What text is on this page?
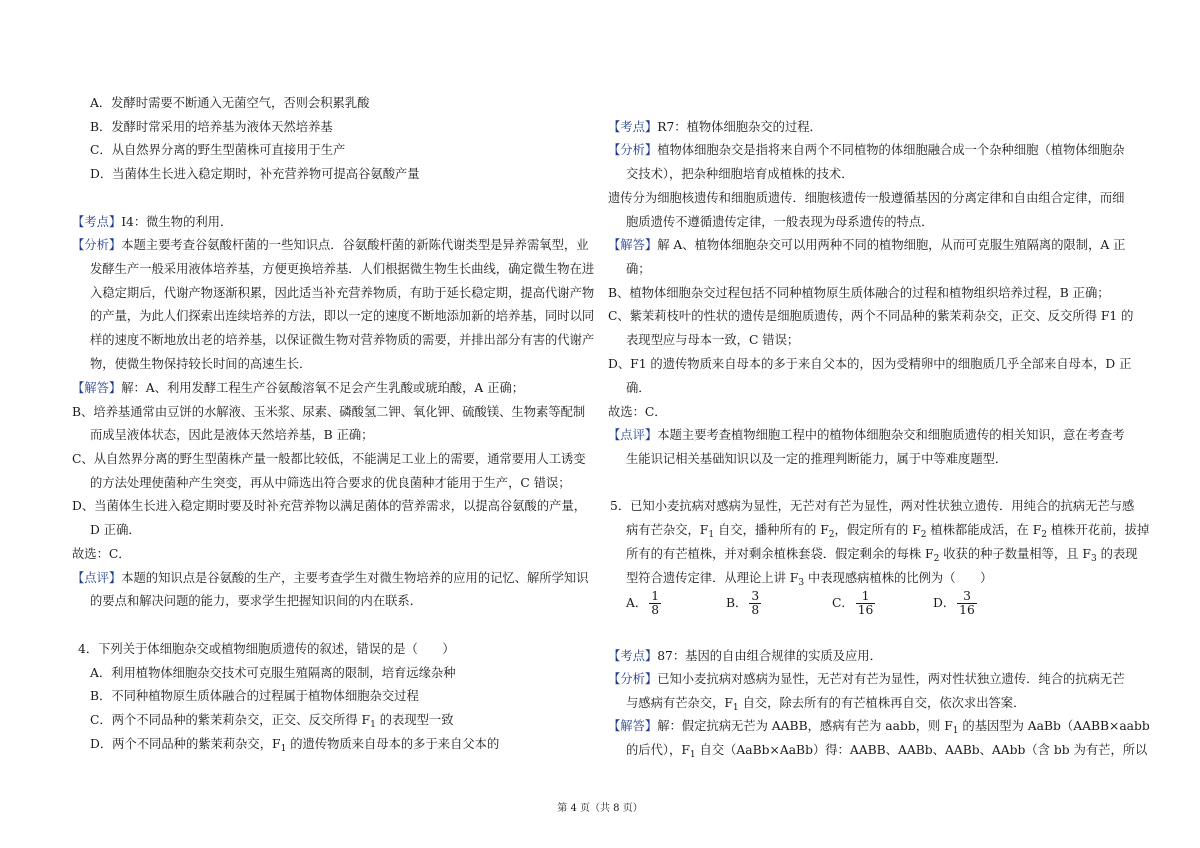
A．发酵时需要不断通入无菌空气，否则会积累乳酸
B．发酵时常采用的培养基为液体天然培养基
C．从自然界分离的野生型菌株可直接用于生产
D．当菌体生长进入稳定期时，补充营养物可提高谷氨酸产量
【考点】I4：微生物的利用．
【分析】本题主要考查谷氨酸杆菌的一些知识点．谷氨酸杆菌的新陈代谢类型是异养需氧型，业
发酵生产一般采用液体培养基，方便更换培养基．人们根据微生物生长曲线，确定微生物在进
入稳定期后，代谢产物逐渐积累，因此适当补充营养物质，有助于延长稳定期，提高代谢产物
的产量，为此人们探索出连续培养的方法，即以一定的速度不断地添加新的培养基，同时以同
样的速度不断地放出老的培养基，以保证微生物对营养物质的需要，并排出部分有害的代谢产
物，使微生物保持较长时间的高速生长．
【解答】解：A、利用发酵工程生产谷氨酸溶氧不足会产生乳酸或琥珀酸，A 正确；
B、培养基通常由豆饼的水解液、玉米浆、尿素、磷酸氢二钾、氧化钾、硫酸镁、生物素等配制
而成呈液体状态，因此是液体天然培养基，B 正确；
C、从自然界分离的野生型菌株产量一般都比较低，不能满足工业上的需要，通常要用人工诱变
的方法处理使菌种产生突变，再从中筛选出符合要求的优良菌种才能用于生产，C 错误；
D、当菌体生长进入稳定期时要及时补充营养物以满足菌体的营养需求，以提高谷氨酸的产量，
D 正确．
故选：C．
【点评】本题的知识点是谷氨酸的生产，主要考查学生对微生物培养的应用的记忆、解所学知识
的要点和解决问题的能力，要求学生把握知识间的内在联系．
4．下列关于体细胞杂交或植物细胞质遗传的叙述，错误的是（　　）
A．利用植物体细胞杂交技术可克服生殖隔离的限制，培育远缘杂种
B．不同种植物原生质体融合的过程属于植物体细胞杂交过程
C．两个不同品种的紫茉莉杂交，正交、反交所得 $F_1$ 的表现型一致
D．两个不同品种的紫茉莉杂交，$F_1$ 的遗传物质来自母本的多于来自父本的
【考点】R7：植物体细胞杂交的过程．
【分析】植物体细胞杂交是指将来自两个不同植物的体细胞融合成一个杂种细胞（植物体细胞杂
交技术），把杂种细胞培育成植株的技术．
遗传分为细胞核遗传和细胞质遗传．细胞核遗传一般遵循基因的分离定律和自由组合定律，而细
胞质遗传不遵循遗传定律，一般表现为母系遗传的特点．
【解答】解 A、植物体细胞杂交可以用两种不同的植物细胞，从而可克服生殖隔离的限制，A 正
确；
B、植物体细胞杂交过程包括不同种植物原生质体融合的过程和植物组织培养过程，B 正确；
C、紫茉莉枝叶的性状的遗传是细胞质遗传，两个不同品种的紫茉莉杂交，正交、反交所得 F1 的
表现型应与母本一致，C 错误；
D、F1 的遗传物质来自母本的多于来自父本的，因为受精卵中的细胞质几乎全部来自母本，D 正
确．
故选：C．
【点评】本题主要考查植物细胞工程中的植物体细胞杂交和细胞质遗传的相关知识，意在考查考
生能识记相关基础知识以及一定的推理判断能力，属于中等难度题型．
5．已知小麦抗病对感病为显性，无芒对有芒为显性，两对性状独立遗传．用纯合的抗病无芒与感
病有芒杂交，$F_1$ 自交，播种所有的 $F_2$，假定所有的 $F_2$ 植株都能成活，在 $F_2$ 植株开花前，拔掉
所有的有芒植株，并对剩余植株套袋．假定剩余的每株 $F_2$ 收获的种子数量相等，且 $F_3$ 的表现
型符合遗传定律．从理论上讲 $F_3$ 中表现感病植株的比例为（　　）
A． $\frac{1}{8}$	B． $\frac{3}{8}$	C． $\frac{1}{16}$	D． $\frac{3}{16}$
【考点】87：基因的自由组合规律的实质及应用．
【分析】已知小麦抗病对感病为显性，无芒对有芒为显性，两对性状独立遗传．纯合的抗病无芒
与感病有芒杂交，$F_1$ 自交，除去所有的有芒植株再自交，依次求出答案．
【解答】解：假定抗病无芒为 AABB，感病有芒为 aabb，则 $F_1$ 的基因型为 AaBb（AABB×aabb
的后代），$F_1$ 自交（AaBb×AaBb）得：AABB、AABb、AABb、AAbb（含 bb 为有芒，所以
第 4 页（共 8 页）
